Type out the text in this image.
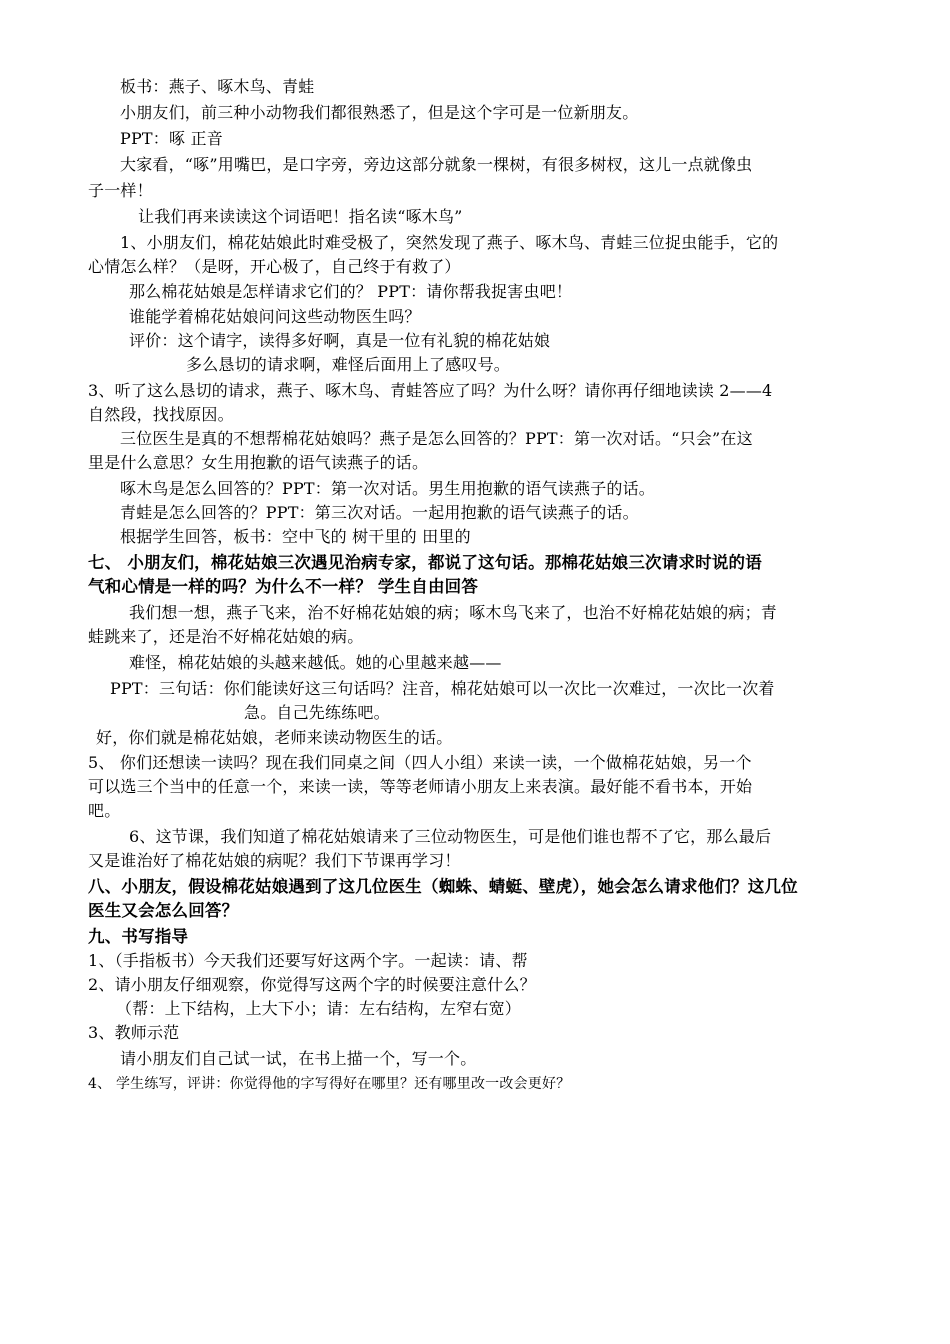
板书：燕子、啄木鸟、青蛙
小朋友们，前三种小动物我们都很熟悉了，但是这个字可是一位新朋友。
PPT：啄 正音
大家看，“啄”用嘴巴，是口字旁，旁边这部分就象一棵树，有很多树杈，这儿一点就像虫
子一样！
让我们再来读读这个词语吧！指名读“啄木鸟”
1、小朋友们，棉花姑娘此时难受极了，突然发现了燕子、啄木鸟、青蛙三位捉虫能手，它的
心情怎么样？（是呀，开心极了，自己终于有救了）
那么棉花姑娘是怎样请求它们的？ PPT：请你帮我捉害虫吧！
谁能学着棉花姑娘问问这些动物医生吗？
评价：这个请字，读得多好啊，真是一位有礼貌的棉花姑娘
多么恳切的请求啊，难怪后面用上了感叹号。
3、听了这么恳切的请求，燕子、啄木鸟、青蛙答应了吗？为什么呀？请你再仔细地读读 2——4
自然段，找找原因。
三位医生是真的不想帮棉花姑娘吗？燕子是怎么回答的？PPT：第一次对话。“只会”在这
里是什么意思？女生用抱歉的语气读燕子的话。
啄木鸟是怎么回答的？PPT：第一次对话。男生用抱歉的语气读燕子的话。
青蛙是怎么回答的？PPT：第三次对话。一起用抱歉的语气读燕子的话。
根据学生回答，板书：空中飞的 树干里的 田里的
七、 小朋友们，棉花姑娘三次遇见治病专家，都说了这句话。那棉花姑娘三次请求时说的语
气和心情是一样的吗？为什么不一样？ 学生自由回答
我们想一想，燕子飞来，治不好棉花姑娘的病；啄木鸟飞来了，也治不好棉花姑娘的病；青
蛙跳来了，还是治不好棉花姑娘的病。
难怪，棉花姑娘的头越来越低。她的心里越来越——
PPT：三句话：你们能读好这三句话吗？注音，棉花姑娘可以一次比一次难过，一次比一次着
急。自己先练练吧。
好，你们就是棉花姑娘，老师来读动物医生的话。
5、 你们还想读一读吗？现在我们同桌之间（四人小组）来读一读，一个做棉花姑娘，另一个
可以选三个当中的任意一个，来读一读，等等老师请小朋友上来表演。最好能不看书本，开始
吧。
6、这节课，我们知道了棉花姑娘请来了三位动物医生，可是他们谁也帮不了它，那么最后
又是谁治好了棉花姑娘的病呢？我们下节课再学习！
八、小朋友，假设棉花姑娘遇到了这几位医生（蜘蛛、蜻蜓、壁虎），她会怎么请求他们？这几位
医生又会怎么回答？
九、书写指导
1、（手指板书）今天我们还要写好这两个字。一起读：请、帮
2、请小朋友仔细观察，你觉得写这两个字的时候要注意什么？
（帮：上下结构，上大下小；请：左右结构，左窄右宽）
3、教师示范
请小朋友们自己试一试，在书上描一个，写一个。
4、 学生练写，评讲：你觉得他的字写得好在哪里？还有哪里改一改会更好？
